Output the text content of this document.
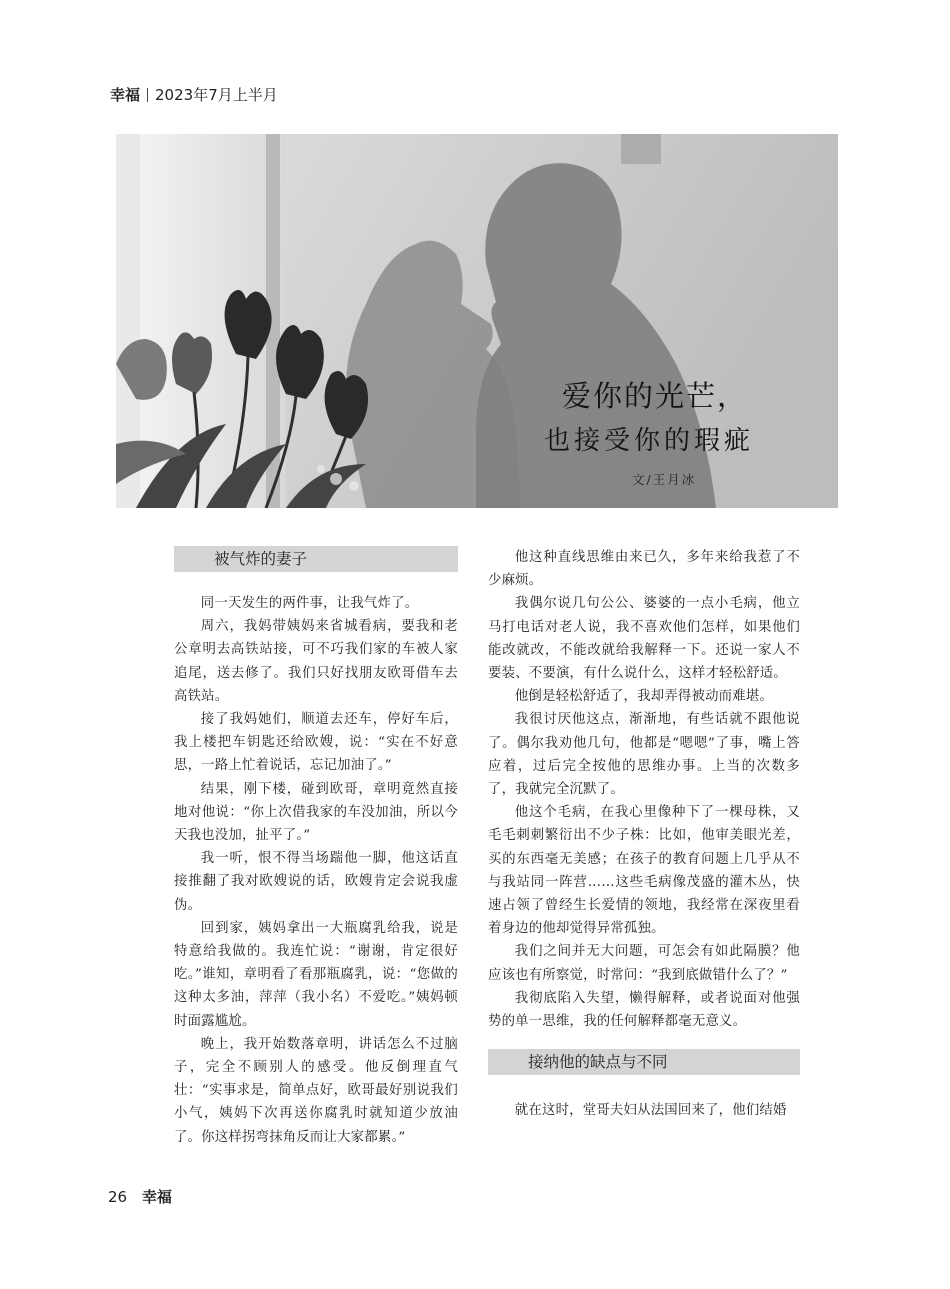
幸福 2023年7月上半月
爱你的光芒，
也接受你的瑕疵
文/王月冰
被气炸的妻子

同一天发生的两件事，让我气炸了。

周六，我妈带姨妈来省城看病，要我和老公章明去高铁站接，可不巧我们家的车被人家追尾，送去修了。我们只好找朋友欧哥借车去高铁站。

接了我妈她们，顺道去还车，停好车后，我上楼把车钥匙还给欧嫂，说：“实在不好意思，一路上忙着说话，忘记加油了。”

结果，刚下楼，碰到欧哥，章明竟然直接地对他说：“你上次借我家的车没加油，所以今天我也没加，扯平了。”

我一听，恨不得当场踹他一脚，他这话直接推翻了我对欧嫂说的话，欧嫂肯定会说我虚伪。

回到家，姨妈拿出一大瓶腐乳给我，说是特意给我做的。我连忙说：“谢谢，肯定很好吃。”谁知，章明看了看那瓶腐乳，说：“您做的这种太多油，萍萍（我小名）不爱吃。”姨妈顿时面露尴尬。

晚上，我开始数落章明，讲话怎么不过脑子，完全不顾别人的感受。他反倒理直气壮：“实事求是，简单点好，欧哥最好别说我们小气，姨妈下次再送你腐乳时就知道少放油了。你这样拐弯抹角反而让大家都累。”

他这种直线思维由来已久，多年来给我惹了不少麻烦。

我偶尔说几句公公、婆婆的一点小毛病，他立马打电话对老人说，我不喜欢他们怎样，如果他们能改就改，不能改就给我解释一下。还说一家人不要装、不要演，有什么说什么，这样才轻松舒适。

他倒是轻松舒适了，我却弄得被动而难堪。

我很讨厌他这点，渐渐地，有些话就不跟他说了。偶尔我劝他几句，他都是“嗯嗯”了事，嘴上答应着，过后完全按他的思维办事。上当的次数多了，我就完全沉默了。

他这个毛病，在我心里像种下了一棵母株，又毛毛刺刺繁衍出不少子株：比如，他审美眼光差，买的东西毫无美感；在孩子的教育问题上几乎从不与我站同一阵营……这些毛病像茂盛的灌木丛，快速占领了曾经生长爱情的领地，我经常在深夜里看着身边的他却觉得异常孤独。

我们之间并无大问题，可怎会有如此隔膜？他应该也有所察觉，时常问：“我到底做错什么了？”

我彻底陷入失望，懒得解释，或者说面对他强势的单一思维，我的任何解释都毫无意义。

接纳他的缺点与不同

就在这时，堂哥夫妇从法国回来了，他们结婚

26 幸福
